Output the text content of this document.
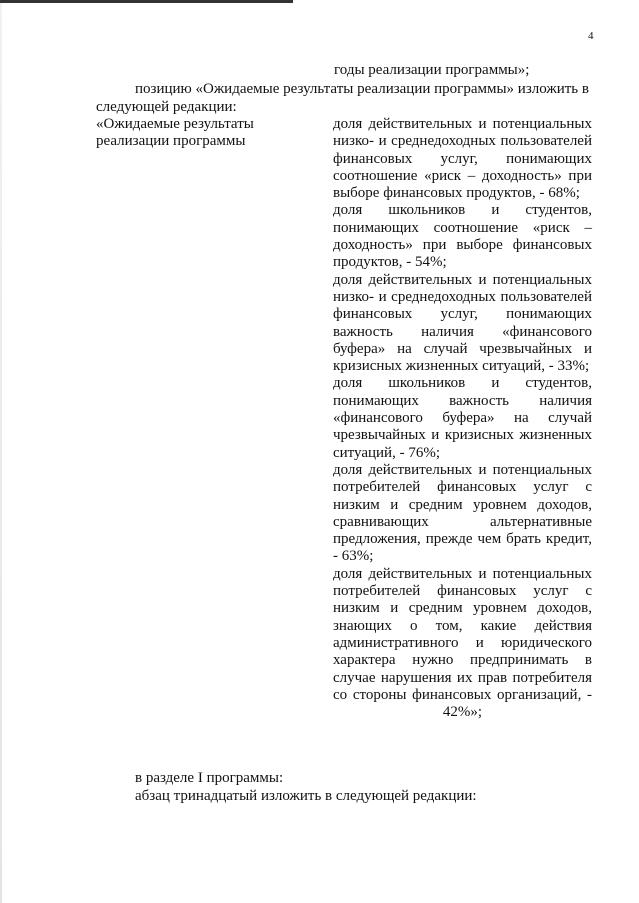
4
годы реализации программы»;
позицию «Ожидаемые результаты реализации программы» изложить в
следующей редакции:

«Ожидаемые результаты
реализации программы

доля действительных и потенциальных низко- и среднедоходных пользователей финансовых услуг, понимающих соотношение «риск – доходность» при выборе финансовых продуктов, - 68%;

доля школьников и студентов, понимающих соотношение «риск – доходность» при выборе финансовых продуктов, - 54%;

доля действительных и потенциальных низко- и среднедоходных пользователей финансовых услуг, понимающих важность наличия «финансового буфера» на случай чрезвычайных и кризисных жизненных ситуаций, - 33%;

доля школьников и студентов, понимающих важность наличия «финансового буфера» на случай чрезвычайных и кризисных жизненных ситуаций, - 76%;

доля действительных и потенциальных потребителей финансовых услуг с низким и средним уровнем доходов, сравнивающих альтернативные предложения, прежде чем брать кредит, - 63%;

доля действительных и потенциальных потребителей финансовых услуг с низким и средним уровнем доходов, знающих о том, какие действия административного и юридического характера нужно предпринимать в случае нарушения их прав потребителя со стороны финансовых организаций, - 42%»;

в разделе I программы:
абзац тринадцатый изложить в следующей редакции:
